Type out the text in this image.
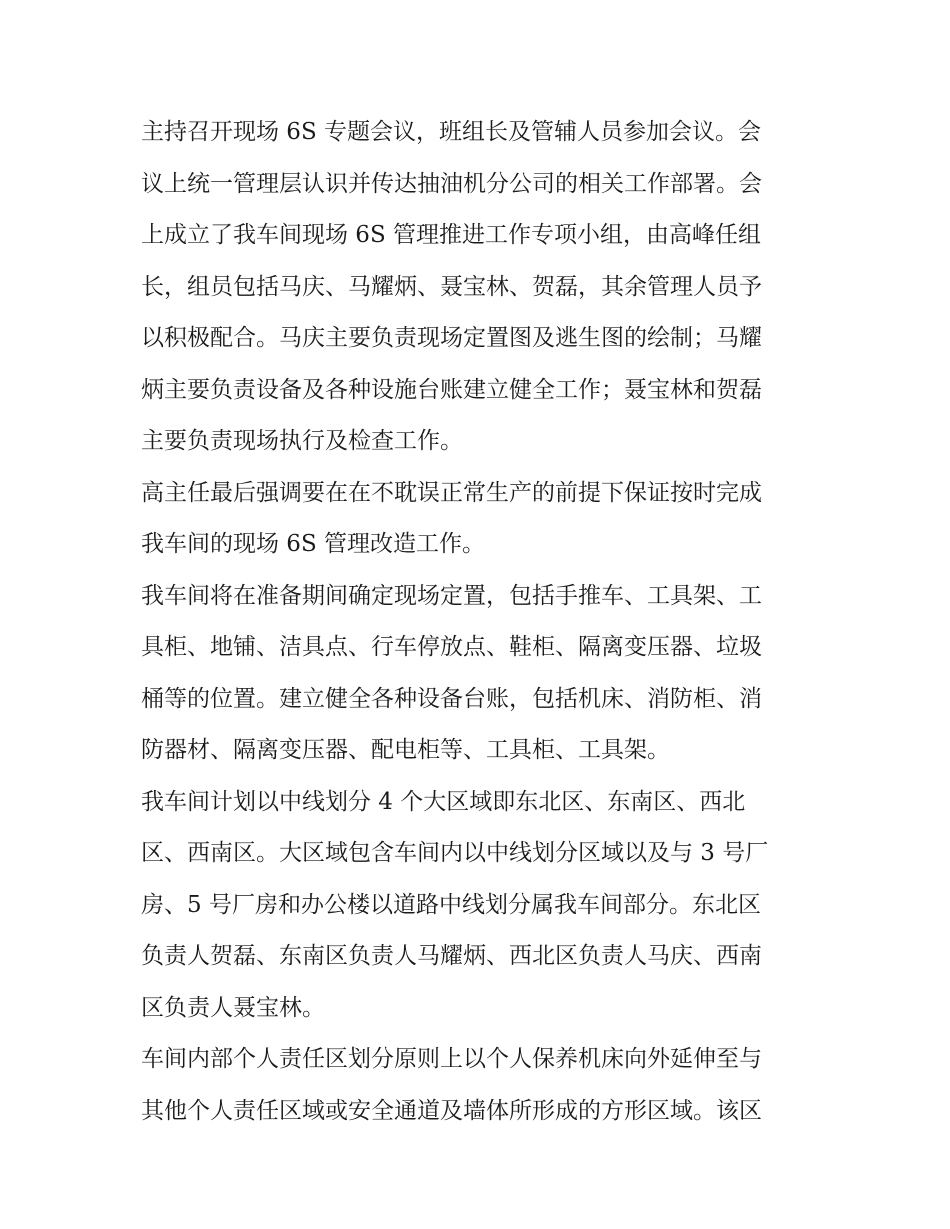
主持召开现场 6S 专题会议，班组长及管辅人员参加会议。会
议上统一管理层认识并传达抽油机分公司的相关工作部署。会
上成立了我车间现场 6S 管理推进工作专项小组，由高峰任组
长，组员包括马庆、马耀炳、聂宝林、贺磊，其余管理人员予
以积极配合。马庆主要负责现场定置图及逃生图的绘制；马耀
炳主要负责设备及各种设施台账建立健全工作；聂宝林和贺磊
主要负责现场执行及检查工作。
高主任最后强调要在在不耽误正常生产的前提下保证按时完成
我车间的现场 6S 管理改造工作。
我车间将在准备期间确定现场定置，包括手推车、工具架、工
具柜、地铺、洁具点、行车停放点、鞋柜、隔离变压器、垃圾
桶等的位置。建立健全各种设备台账，包括机床、消防柜、消
防器材、隔离变压器、配电柜等、工具柜、工具架。
我车间计划以中线划分 4 个大区域即东北区、东南区、西北
区、西南区。大区域包含车间内以中线划分区域以及与 3 号厂
房、5 号厂房和办公楼以道路中线划分属我车间部分。东北区
负责人贺磊、东南区负责人马耀炳、西北区负责人马庆、西南
区负责人聂宝林。
车间内部个人责任区划分原则上以个人保养机床向外延伸至与
其他个人责任区域或安全通道及墙体所形成的方形区域。该区
